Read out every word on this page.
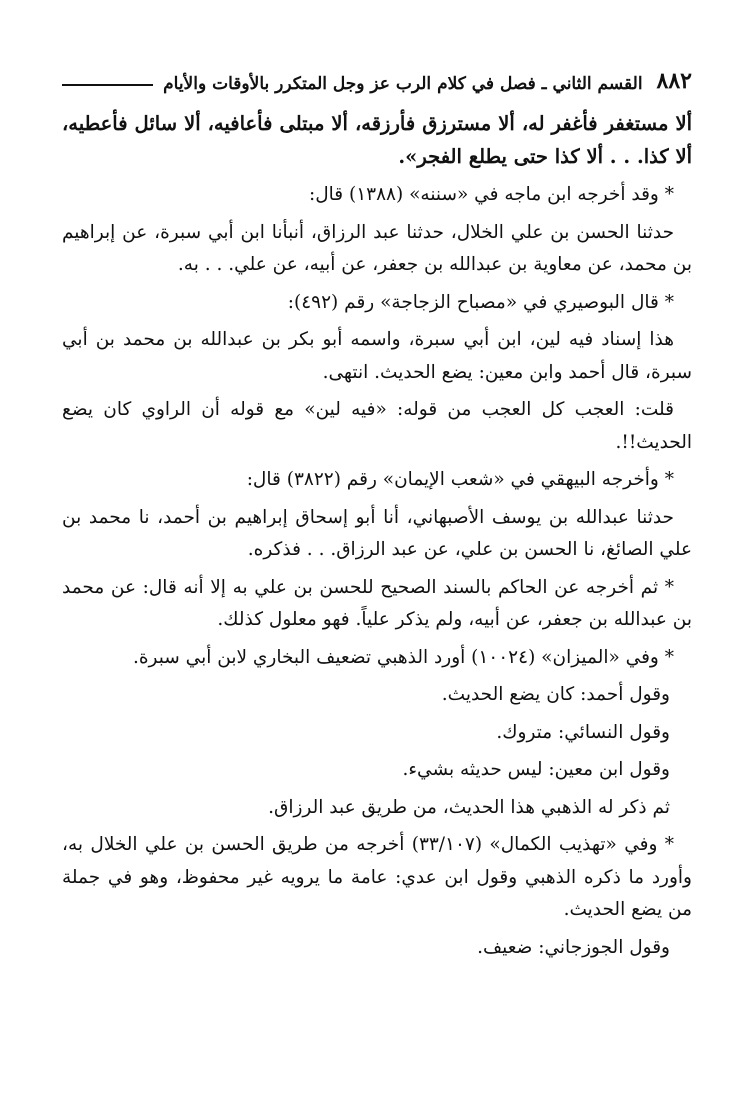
٨٨٢
القسم الثاني ـ فصل في كلام الرب عز وجل المتكرر بالأوقات والأيام

ألا مستغفر فأغفر له، ألا مسترزق فأرزقه، ألا مبتلى فأعافيه، ألا سائل فأعطيه، ألا كذا. . . ألا كذا حتى يطلع الفجر».

* وقد أخرجه ابن ماجه في «سننه» (١٣٨٨) قال:

حدثنا الحسن بن علي الخلال، حدثنا عبد الرزاق، أنبأنا ابن أبي سبرة، عن إبراهيم بن محمد، عن معاوية بن عبدالله بن جعفر، عن أبيه، عن علي. . . به.

* قال البوصيري في «مصباح الزجاجة» رقم (٤٩٢):

هذا إسناد فيه لين، ابن أبي سبرة، واسمه أبو بكر بن عبدالله بن محمد بن أبي سبرة، قال أحمد وابن معين: يضع الحديث. انتهى.

قلت: العجب كل العجب من قوله: «فيه لين» مع قوله أن الراوي كان يضع الحديث!!.

* وأخرجه البيهقي في «شعب الإيمان» رقم (٣٨٢٢) قال:

حدثنا عبدالله بن يوسف الأصبهاني، أنا أبو إسحاق إبراهيم بن أحمد، نا محمد بن علي الصائغ، نا الحسن بن علي، عن عبد الرزاق. . . فذكره.

* ثم أخرجه عن الحاكم بالسند الصحيح للحسن بن علي به إلا أنه قال: عن محمد بن عبدالله بن جعفر، عن أبيه، ولم يذكر علياً. فهو معلول كذلك.

* وفي «الميزان» (١٠٠٢٤) أورد الذهبي تضعيف البخاري لابن أبي سبرة.

وقول أحمد: كان يضع الحديث.

وقول النسائي: متروك.

وقول ابن معين: ليس حديثه بشيء.

ثم ذكر له الذهبي هذا الحديث، من طريق عبد الرزاق.

* وفي «تهذيب الكمال» (٣٣/١٠٧) أخرجه من طريق الحسن بن علي الخلال به، وأورد ما ذكره الذهبي وقول ابن عدي: عامة ما يرويه غير محفوظ، وهو في جملة من يضع الحديث.

وقول الجوزجاني: ضعيف.
